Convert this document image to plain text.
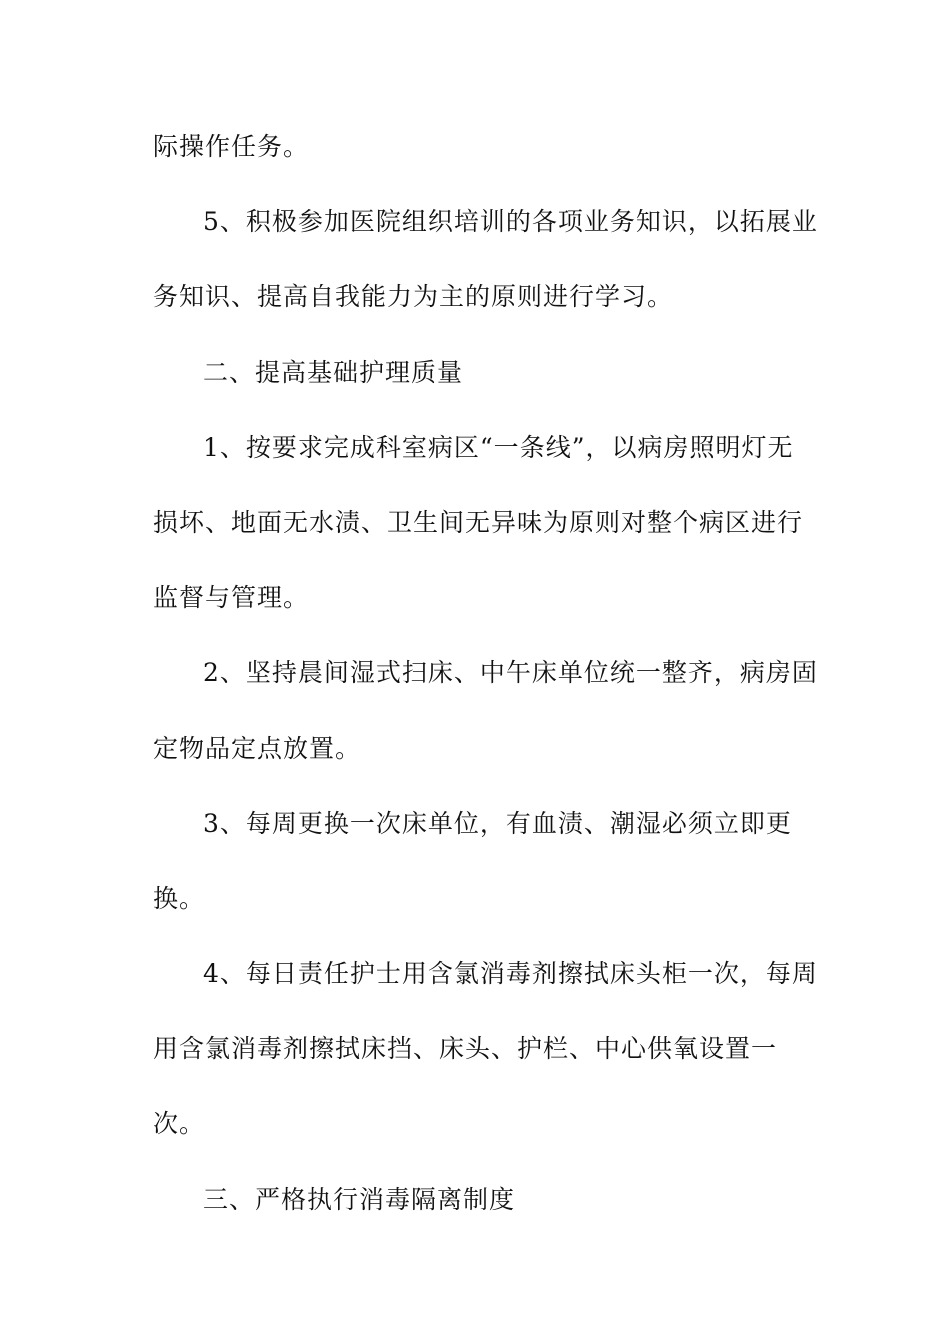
际操作任务。
5、积极参加医院组织培训的各项业务知识，以拓展业
务知识、提高自我能力为主的原则进行学习。
二、提高基础护理质量
1、按要求完成科室病区“一条线”，以病房照明灯无
损坏、地面无水渍、卫生间无异味为原则对整个病区进行
监督与管理。
2、坚持晨间湿式扫床、中午床单位统一整齐，病房固
定物品定点放置。
3、每周更换一次床单位，有血渍、潮湿必须立即更
换。
4、每日责任护士用含氯消毒剂擦拭床头柜一次，每周
用含氯消毒剂擦拭床挡、床头、护栏、中心供氧设置一
次。
三、严格执行消毒隔离制度
